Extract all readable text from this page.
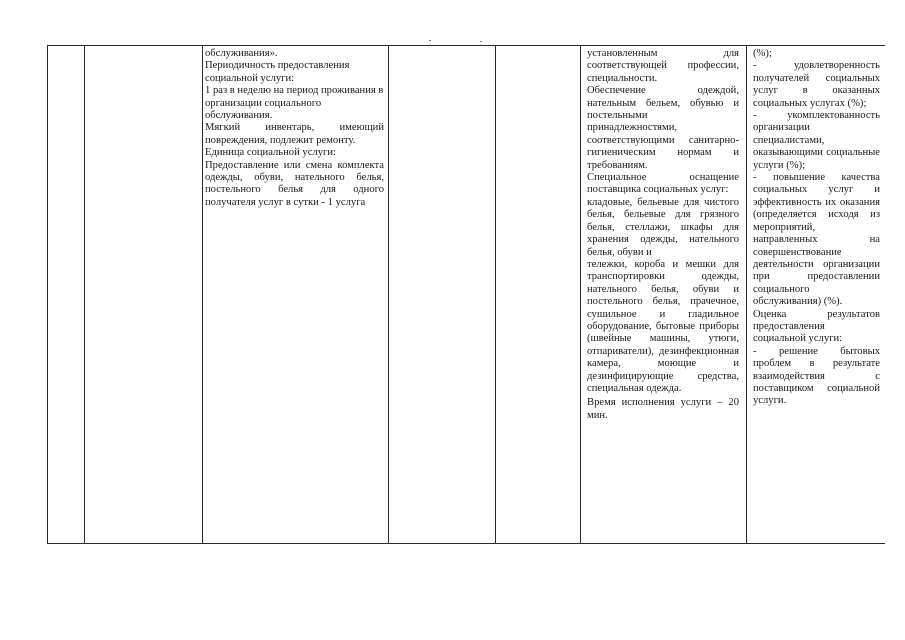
обслуживания».

Периодичность предоставления социальной услуги:

1 раз в неделю на период проживания в организации социального обслуживания.

Мягкий инвентарь, имеющий повреждения, подлежит ремонту.

Единица социальной услуги:

Предоставление или смена комплекта одежды, обуви, нательного белья, постельного белья для одного получателя услуг в сутки - 1 услуга

установленным для соответствующей профессии, специальности.

Обеспечение одеждой, нательным бельем, обувью и постельными принадлежностями, соответствующими санитарно-гигиеническим нормам и требованиям.

Специальное оснащение поставщика социальных услуг:

кладовые, бельевые для чистого белья, бельевые для грязного белья, стеллажи, шкафы для хранения одежды, нательного белья, обуви и

тележки, короба и мешки для транспортировки одежды, нательного белья, обуви и постельного белья, прачечное, сушильное и гладильное оборудование, бытовые приборы (швейные машины, утюги, отпариватели), дезинфекционная камера, моющие и дезинфицирующие средства, специальная одежда.

Время исполнения услуги – 20 мин.

(%);

- удовлетворенность получателей социальных услуг в оказанных социальных услугах (%);

- укомплектованность организации специалистами, оказывающими социальные услуги (%);

- повышение качества социальных услуг и эффективность их оказания (определяется исходя из мероприятий, направленных на совершенствование деятельности организации при предоставлении социального обслуживания) (%).

Оценка результатов предоставления социальной услуги:

- решение бытовых проблем в результате взаимодействия с поставщиком социальной услуги.
